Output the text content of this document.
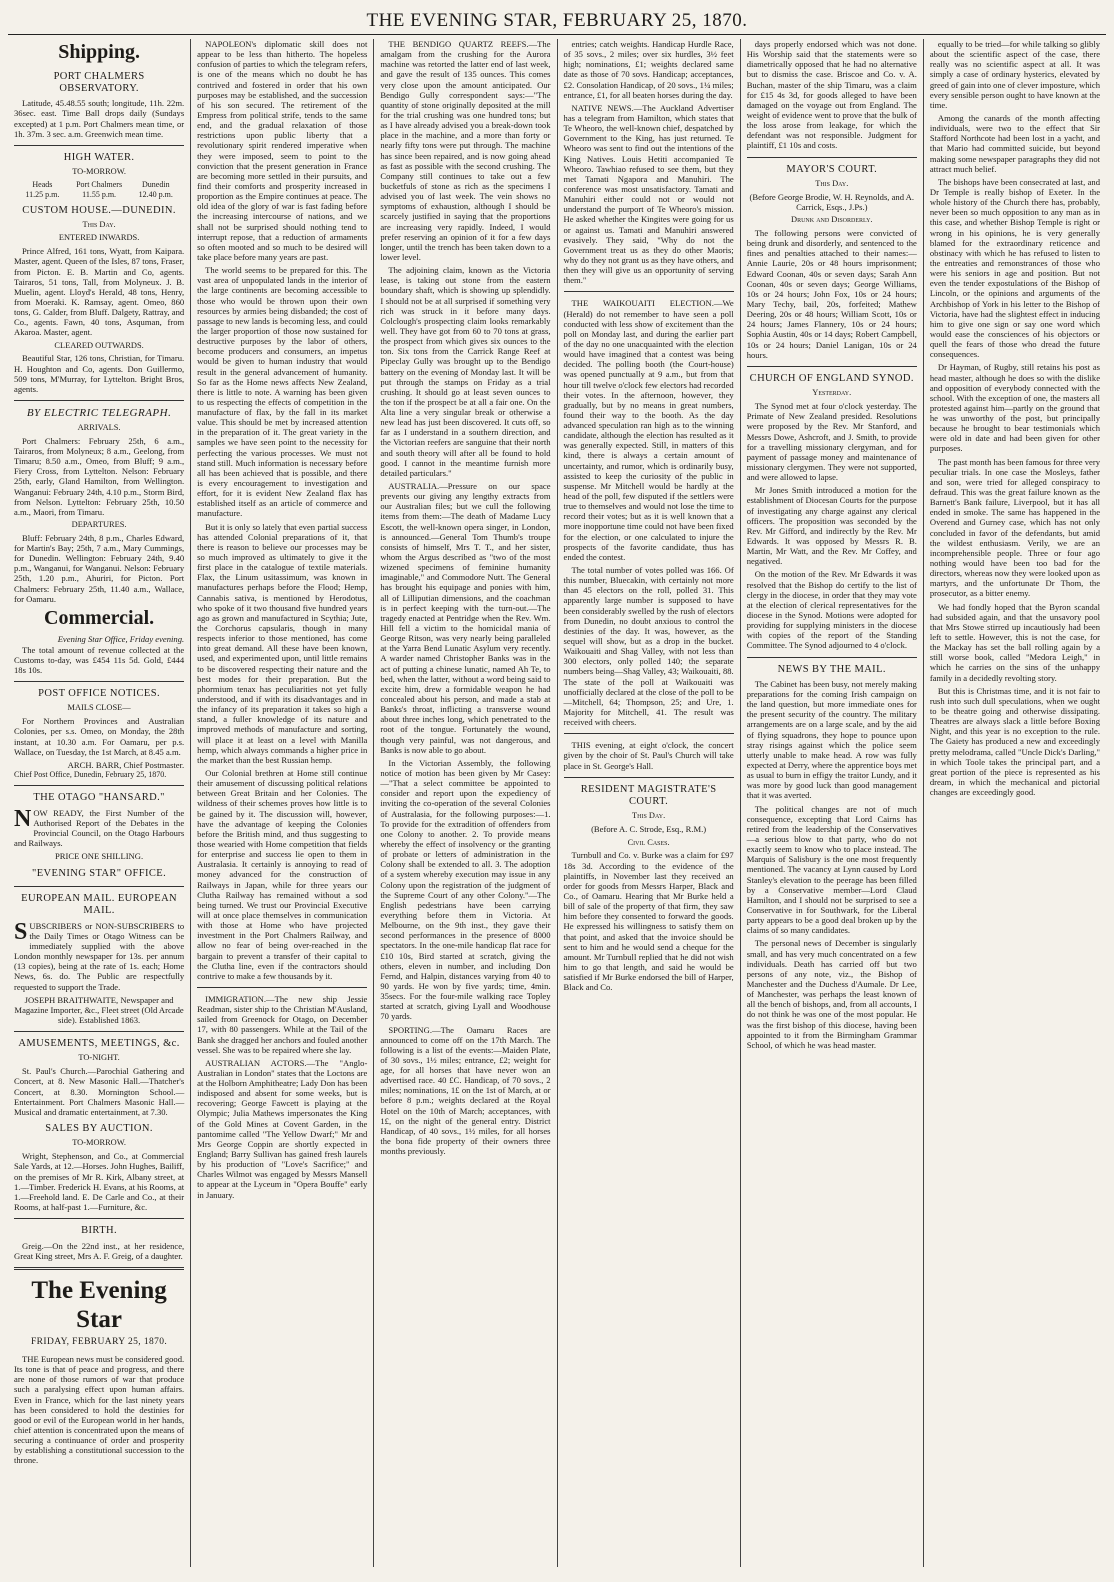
THE EVENING STAR, FEBRUARY 25, 1870.
Shipping.
PORT CHALMERS OBSERVATORY.

Latitude, 45.48.55 south; longitude, 11h. 22m. 36sec. east. Time Ball drops daily (Sundays excepted) at 1 p.m. Port Chalmers mean time, or 1h. 37m. 3 sec. a.m. Greenwich mean time.

HIGH WATER.
TO-MORROW.
Heads
11.25 p.m.
Port Chalmers
11.55 p.m.
Dunedin
12.40 p.m.
CUSTOM HOUSE.—DUNEDIN.
This Day.
ENTERED INWARDS.

Prince Alfred, 161 tons, Wyatt, from Kaipara. Master, agent. Queen of the Isles, 87 tons, Fraser, from Picton. E. B. Martin and Co, agents. Tairaros, 51 tons, Tall, from Molyneux. J. B. Muelin, agent. Lloyd's Herald, 48 tons, Henry, from Moeraki. K. Ramsay, agent. Omeo, 860 tons, G. Calder, from Bluff. Dalgety, Rattray, and Co., agents. Fawn, 40 tons, Asquman, from Akaroa. Master, agent.

CLEARED OUTWARDS.

Beautiful Star, 126 tons, Christian, for Timaru. H. Houghton and Co, agents. Don Guillermo, 509 tons, M'Murray, for Lyttelton. Bright Bros, agents.

BY ELECTRIC TELEGRAPH.
ARRIVALS.

Port Chalmers: February 25th, 6 a.m., Tairaros, from Molyneux; 8 a.m., Geelong, from Timaru; 8.50 a.m., Omeo, from Bluff; 9 a.m., Fiery Cross, from Lyttelton. Nelson: February 25th, early, Gland Hamilton, from Wellington. Wanganui: February 24th, 4.10 p.m., Storm Bird, from Nelson. Lyttelton: February 25th, 10.50 a.m., Maori, from Timaru.

DEPARTURES.

Bluff: February 24th, 8 p.m., Charles Edward, for Martin's Bay; 25th, 7 a.m., Mary Cummings, for Dunedin. Wellington: February 24th, 9.40 p.m., Wanganui, for Wanganui. Nelson: February 25th, 1.20 p.m., Ahuriri, for Picton. Port Chalmers: February 25th, 11.40 a.m., Wallace, for Oamaru.

Commercial.
Evening Star Office, Friday evening.

The total amount of revenue collected at the Customs to-day, was £454 11s 5d. Gold, £444 18s 10s.

POST OFFICE NOTICES.
MAILS CLOSE—

For Northern Provinces and Australian Colonies, per s.s. Omeo, on Monday, the 28th instant, at 10.30 a.m. For Oamaru, per p.s. Wallace, on Tuesday, the 1st March, at 8.45 a.m.

ARCH. BARR, Chief Postmaster.
Chief Post Office, Dunedin, February 25, 1870.
THE OTAGO "HANSARD."

NOW READY, the First Number of the Authorised Report of the Debates in the Provincial Council, on the Otago Harbours and Railways.

PRICE ONE SHILLING.
"EVENING STAR" OFFICE.
EUROPEAN MAIL. EUROPEAN MAIL.

SUBSCRIBERS or NON-SUBSCRIBERS to the Daily Times or Otago Witness can be immediately supplied with the above London monthly newspaper for 13s. per annum (13 copies), being at the rate of 1s. each; Home News, 6s. do. The Public are respectfully requested to support the Trade.

JOSEPH BRAITHWAITE, Newspaper and Magazine Importer, &c., Fleet street (Old Arcade side). Established 1863.
AMUSEMENTS, MEETINGS, &c.
TO-NIGHT.

St. Paul's Church.—Parochial Gathering and Concert, at 8. New Masonic Hall.—Thatcher's Concert, at 8.30. Mornington School.—Entertainment. Port Chalmers Masonic Hall.—Musical and dramatic entertainment, at 7.30.

SALES BY AUCTION.
TO-MORROW.

Wright, Stephenson, and Co., at Commercial Sale Yards, at 12.—Horses. John Hughes, Bailiff, on the premises of Mr R. Kirk, Albany street, at 1.—Timber. Frederick H. Evans, at his Rooms, at 1.—Freehold land. E. De Carle and Co., at their Rooms, at half-past 1.—Furniture, &c.

BIRTH.

Greig.—On the 22nd inst., at her residence, Great King street, Mrs A. F. Greig, of a daughter.

The Evening Star
FRIDAY, FEBRUARY 25, 1870.

THE European news must be considered good. Its tone is that of peace and progress, and there are none of those rumors of war that produce such a paralysing effect upon human affairs. Even in France, which for the last ninety years has been considered to hold the destinies for good or evil of the European world in her hands, chief attention is concentrated upon the means of securing a continuance of order and prosperity by establishing a constitutional succession to the throne.

NAPOLEON's diplomatic skill does not appear to be less than hitherto. The hopeless confusion of parties to which the telegram refers, is one of the means which no doubt he has contrived and fostered in order that his own purposes may be established, and the succession of his son secured. The retirement of the Empress from political strife, tends to the same end, and the gradual relaxation of those restrictions upon public liberty that a revolutionary spirit rendered imperative when they were imposed, seem to point to the conviction that the present generation in France are becoming more settled in their pursuits, and find their comforts and prosperity increased in proportion as the Empire continues at peace. The old idea of the glory of war is fast fading before the increasing intercourse of nations, and we shall not be surprised should nothing tend to interrupt repose, that a reduction of armaments so often mooted and so much to be desired will take place before many years are past.

The world seems to be prepared for this. The vast area of unpopulated lands in the interior of the large continents are becoming accessible to those who would be thrown upon their own resources by armies being disbanded; the cost of passage to new lands is becoming less, and could the larger proportion of those now sustained for destructive purposes by the labor of others, become producers and consumers, an impetus would be given to human industry that would result in the general advancement of humanity. So far as the Home news affects New Zealand, there is little to note. A warning has been given to us respecting the effects of competition in the manufacture of flax, by the fall in its market value. This should be met by increased attention in the preparation of it. The great variety in the samples we have seen point to the necessity for perfecting the various processes. We must not stand still. Much information is necessary before all has been achieved that is possible, and there is every encouragement to investigation and effort, for it is evident New Zealand flax has established itself as an article of commerce and manufacture.

But it is only so lately that even partial success has attended Colonial preparations of it, that there is reason to believe our processes may be so much improved as ultimately to give it the first place in the catalogue of textile materials. Flax, the Linum usitassimum, was known in manufactures perhaps before the Flood; Hemp, Cannabis sativa, is mentioned by Herodotus, who spoke of it two thousand five hundred years ago as grown and manufactured in Scythia; Jute, the Corchorus capsularis, though in many respects inferior to those mentioned, has come into great demand. All these have been known, used, and experimented upon, until little remains to be discovered respecting their nature and the best modes for their preparation. But the phormium tenax has peculiarities not yet fully understood, and if with its disadvantages and in the infancy of its preparation it takes so high a stand, a fuller knowledge of its nature and improved methods of manufacture and sorting, will place it at least on a level with Manilla hemp, which always commands a higher price in the market than the best Russian hemp.

Our Colonial brethren at Home still continue their amusement of discussing political relations between Great Britain and her Colonies. The wildness of their schemes proves how little is to be gained by it. The discussion will, however, have the advantage of keeping the Colonies before the British mind, and thus suggesting to those wearied with Home competition that fields for enterprise and success lie open to them in Australasia. It certainly is annoying to read of money advanced for the construction of Railways in Japan, while for three years our Clutha Railway has remained without a sod being turned. We trust our Provincial Executive will at once place themselves in communication with those at Home who have projected investment in the Port Chalmers Railway, and allow no fear of being over-reached in the bargain to prevent a transfer of their capital to the Clutha line, even if the contractors should contrive to make a few thousands by it.

IMMIGRATION.—The new ship Jessie Readman, sister ship to the Christian M'Ausland, sailed from Greenock for Otago, on December 17, with 80 passengers. While at the Tail of the Bank she dragged her anchors and fouled another vessel. She was to be repaired where she lay.

AUSTRALIAN ACTORS.—The "Anglo-Australian in London" states that the Loctons are at the Holborn Amphitheatre; Lady Don has been indisposed and absent for some weeks, but is recovering; George Fawcett is playing at the Olympic; Julia Mathews impersonates the King of the Gold Mines at Covent Garden, in the pantomime called "The Yellow Dwarf;" Mr and Mrs George Coppin are shortly expected in England; Barry Sullivan has gained fresh laurels by his production of "Love's Sacrifice;" and Charles Wilmot was engaged by Messrs Mansell to appear at the Lyceum in "Opera Bouffe" early in January.

THE BENDIGO QUARTZ REEFS.—The amalgam from the crushing for the Aurora machine was retorted the latter end of last week, and gave the result of 135 ounces. This comes very close upon the amount anticipated. Our Bendigo Gully correspondent says:—"The quantity of stone originally deposited at the mill for the trial crushing was one hundred tons; but as I have already advised you a break-down took place in the machine, and a more than forty or nearly fifty tons were put through. The machine has since been repaired, and is now going ahead as fast as possible with the second crushing. The Company still continues to take out a few bucketfuls of stone as rich as the specimens I advised you of last week. The vein shows no symptoms of exhaustion, although I should be scarcely justified in saying that the proportions are increasing very rapidly. Indeed, I would prefer reserving an opinion of it for a few days longer, until the trench has been taken down to a lower level.

The adjoining claim, known as the Victoria lease, is taking out stone from the eastern boundary shaft, which is showing up splendidly. I should not be at all surprised if something very rich was struck in it before many days. Colclough's prospecting claim looks remarkably well. They have got from 60 to 70 tons at grass, the prospect from which gives six ounces to the ton. Six tons from the Carrick Range Reef at Pipeclay Gully was brought up to the Bendigo battery on the evening of Monday last. It will be put through the stamps on Friday as a trial crushing. It should go at least seven ounces to the ton if the prospect be at all a fair one. On the Alta line a very singular break or otherwise a new lead has just been discovered. It cuts off, so far as I understand in a southern direction, and the Victorian reefers are sanguine that their north and south theory will after all be found to hold good. I cannot in the meantime furnish more detailed particulars."

AUSTRALIA.—Pressure on our space prevents our giving any lengthy extracts from our Australian files; but we cull the following items from them:—The death of Madame Lucy Escott, the well-known opera singer, in London, is announced.—General Tom Thumb's troupe consists of himself, Mrs T. T., and her sister, whom the Argus described as "two of the most wizened specimens of feminine humanity imaginable," and Commodore Nutt. The General has brought his equipage and ponies with him, all of Lilliputian dimensions, and the coachman is in perfect keeping with the turn-out.—The tragedy enacted at Pentridge when the Rev. Wm. Hill fell a victim to the homicidal mania of George Ritson, was very nearly being paralleled at the Yarra Bend Lunatic Asylum very recently. A warder named Christopher Banks was in the act of putting a chinese lunatic, named Ah Te, to bed, when the latter, without a word being said to excite him, drew a formidable weapon he had concealed about his person, and made a stab at Banks's throat, inflicting a transverse wound about three inches long, which penetrated to the root of the tongue. Fortunately the wound, though very painful, was not dangerous, and Banks is now able to go about.

In the Victorian Assembly, the following notice of motion has been given by Mr Casey:—"That a select committee be appointed to consider and report upon the expediency of inviting the co-operation of the several Colonies of Australasia, for the following purposes:—1. To provide for the extradition of offenders from one Colony to another. 2. To provide means whereby the effect of insolvency or the granting of probate or letters of administration in the Colony shall be extended to all. 3. The adoption of a system whereby execution may issue in any Colony upon the registration of the judgment of the Supreme Court of any other Colony."—The English pedestrians have been carrying everything before them in Victoria. At Melbourne, on the 9th inst., they gave their second performances in the presence of 8000 spectators. In the one-mile handicap flat race for £10 10s, Bird started at scratch, giving the others, eleven in number, and including Don Fernd, and Halpin, distances varying from 40 to 90 yards. He won by five yards; time, 4min. 35secs. For the four-mile walking race Topley started at scratch, giving Lyall and Woodhouse 70 yards.

SPORTING.—The Oamaru Races are announced to come off on the 17th March. The following is a list of the events:—Maiden Plate, of 30 sovs., 1½ miles; entrance, £2; weight for age, for all horses that have never won an advertised race. 40 £C. Handicap, of 70 sovs., 2 miles; nominations, 1£ on the 1st of March, at or before 8 p.m.; weights declared at the Royal Hotel on the 10th of March; acceptances, with 1£, on the night of the general entry. District Handicap, of 40 sovs., 1½ miles, for all horses the bona fide property of their owners three months previously.

entries; catch weights. Handicap Hurdle Race, of 35 sovs., 2 miles; over six hurdles, 3½ feet high; nominations, £1; weights declared same date as those of 70 sovs. Handicap; acceptances, £2. Consolation Handicap, of 20 sovs., 1¼ miles; entrance, £1, for all beaten horses during the day.

NATIVE NEWS.—The Auckland Advertiser has a telegram from Hamilton, which states that Te Wheoro, the well-known chief, despatched by Government to the King, has just returned. Te Wheoro was sent to find out the intentions of the King Natives. Louis Hetiti accompanied Te Wheoro. Tawhiao refused to see them, but they met Tamati Ngapora and Manuhiri. The conference was most unsatisfactory. Tamati and Manuhiri either could not or would not understand the purport of Te Wheoro's mission. He asked whether the Kingites were going for us or against us. Tamati and Manuhiri answered evasively. They said, "Why do not the Government treat us as they do other Maoris; why do they not grant us as they have others, and then they will give us an opportunity of serving them."

THE WAIKOUAITI ELECTION.—We (Herald) do not remember to have seen a poll conducted with less show of excitement than the poll on Monday last, and during the earlier part of the day no one unacquainted with the election would have imagined that a contest was being decided. The polling booth (the Court-house) was opened punctually at 9 a.m., but from that hour till twelve o'clock few electors had recorded their votes. In the afternoon, however, they gradually, but by no means in great numbers, found their way to the booth. As the day advanced speculation ran high as to the winning candidate, although the election has resulted as it was generally expected. Still, in matters of this kind, there is always a certain amount of uncertainty, and rumor, which is ordinarily busy, assisted to keep the curiosity of the public in suspense. Mr Mitchell would be hardly at the head of the poll, few disputed if the settlers were true to themselves and would not lose the time to record their votes; but as it is well known that a more inopportune time could not have been fixed for the election, or one calculated to injure the prospects of the favorite candidate, thus has ended the contest.

The total number of votes polled was 166. Of this number, Bluecakin, with certainly not more than 45 electors on the roll, polled 31. This apparently large number is supposed to have been considerably swelled by the rush of electors from Dunedin, no doubt anxious to control the destinies of the day. It was, however, as the sequel will show, but as a drop in the bucket. Waikouaiti and Shag Valley, with not less than 300 electors, only polled 140; the separate numbers being—Shag Valley, 43; Waikouaiti, 88. The state of the poll at Waikouaiti was unofficially declared at the close of the poll to be—Mitchell, 64; Thompson, 25; and Ure, 1. Majority for Mitchell, 41. The result was received with cheers.

THIS evening, at eight o'clock, the concert given by the choir of St. Paul's Church will take place in St. George's Hall.

RESIDENT MAGISTRATE'S COURT.
This Day.
(Before A. C. Strode, Esq., R.M.)
Civil Cases.

Turnbull and Co. v. Burke was a claim for £97 18s 3d. According to the evidence of the plaintiffs, in November last they received an order for goods from Messrs Harper, Black and Co., of Oamaru. Hearing that Mr Burke held a bill of sale of the property of that firm, they saw him before they consented to forward the goods. He expressed his willingness to satisfy them on that point, and asked that the invoice should be sent to him and he would send a cheque for the amount. Mr Turnbull replied that he did not wish him to go that length, and said he would be satisfied if Mr Burke endorsed the bill of Harper, Black and Co.

days properly endorsed which was not done. His Worship said that the statements were so diametrically opposed that he had no alternative but to dismiss the case. Briscoe and Co. v. A. Buchan, master of the ship Timaru, was a claim for £15 4s 3d, for goods alleged to have been damaged on the voyage out from England. The weight of evidence went to prove that the bulk of the loss arose from leakage, for which the defendant was not responsible. Judgment for plaintiff, £1 10s and costs.

MAYOR'S COURT.
This Day.
(Before George Brodie, W. H. Reynolds, and A. Carrick, Esqs., J.Ps.)
Drunk and Disorderly.

The following persons were convicted of being drunk and disorderly, and sentenced to the fines and penalties attached to their names:—Annie Laurie, 20s or 48 hours imprisonment; Edward Coonan, 40s or seven days; Sarah Ann Coonan, 40s or seven days; George Williams, 10s or 24 hours; John Fox, 10s or 24 hours; Mary Techy, bail, 20s, forfeited; Mathew Deering, 20s or 48 hours; William Scott, 10s or 24 hours; James Flannery, 10s or 24 hours; Sophia Austin, 40s or 14 days; Robert Campbell, 10s or 24 hours; Daniel Lanigan, 10s or 24 hours.

CHURCH OF ENGLAND SYNOD.
Yesterday.

The Synod met at four o'clock yesterday. The Primate of New Zealand presided. Resolutions were proposed by the Rev. Mr Stanford, and Messrs Dowe, Ashcroft, and J. Smith, to provide for a travelling missionary clergyman, and for payment of passage money and maintenance of missionary clergymen. They were not supported, and were allowed to lapse.

Mr Jones Smith introduced a motion for the establishment of Diocesan Courts for the purpose of investigating any charge against any clerical officers. The proposition was seconded by the Rev. Mr Gifford, and indirectly by the Rev. Mr Edwards. It was opposed by Messrs R. B. Martin, Mr Watt, and the Rev. Mr Coffey, and negatived.

On the motion of the Rev. Mr Edwards it was resolved that the Bishop do certify to the list of clergy in the diocese, in order that they may vote at the election of clerical representatives for the diocese in the Synod. Motions were adopted for providing for supplying ministers in the diocese with copies of the report of the Standing Committee. The Synod adjourned to 4 o'clock.

NEWS BY THE MAIL.

The Cabinet has been busy, not merely making preparations for the coming Irish campaign on the land question, but more immediate ones for the present security of the country. The military arrangements are on a large scale, and by the aid of flying squadrons, they hope to pounce upon stray risings against which the police seem utterly unable to make head. A row was fully expected at Derry, where the apprentice boys met as usual to burn in effigy the traitor Lundy, and it was more by good luck than good management that it was averted.

The political changes are not of much consequence, excepting that Lord Cairns has retired from the leadership of the Conservatives—a serious blow to that party, who do not exactly seem to know who to place instead. The Marquis of Salisbury is the one most frequently mentioned. The vacancy at Lynn caused by Lord Stanley's elevation to the peerage has been filled by a Conservative member—Lord Claud Hamilton, and I should not be surprised to see a Conservative in for Southwark, for the Liberal party appears to be a good deal broken up by the claims of so many candidates.

The personal news of December is singularly small, and has very much concentrated on a few individuals. Death has carried off but two persons of any note, viz., the Bishop of Manchester and the Duchess d'Aumale. Dr Lee, of Manchester, was perhaps the least known of all the bench of bishops, and, from all accounts, I do not think he was one of the most popular. He was the first bishop of this diocese, having been appointed to it from the Birmingham Grammar School, of which he was head master.

equally to be tried—for while talking so glibly about the scientific aspect of the case, there really was no scientific aspect at all. It was simply a case of ordinary hysterics, elevated by greed of gain into one of clever imposture, which every sensible person ought to have known at the time.

Among the canards of the month affecting individuals, were two to the effect that Sir Stafford Northcote had been lost in a yacht, and that Mario had committed suicide, but beyond making some newspaper paragraphs they did not attract much belief.

The bishops have been consecrated at last, and Dr Temple is really bishop of Exeter. In the whole history of the Church there has, probably, never been so much opposition to any man as in this case, and whether Bishop Temple is right or wrong in his opinions, he is very generally blamed for the extraordinary reticence and obstinacy with which he has refused to listen to the entreaties and remonstrances of those who were his seniors in age and position. But not even the tender expostulations of the Bishop of Lincoln, or the opinions and arguments of the Archbishop of York in his letter to the Bishop of Victoria, have had the slightest effect in inducing him to give one sign or say one word which would ease the consciences of his objectors or quell the fears of those who dread the future consequences.

Dr Hayman, of Rugby, still retains his post as head master, although he does so with the dislike and opposition of everybody connected with the school. With the exception of one, the masters all protested against him—partly on the ground that he was unworthy of the post, but principally because he brought to bear testimonials which were old in date and had been given for other purposes.

The past month has been famous for three very peculiar trials. In one case the Mosleys, father and son, were tried for alleged conspiracy to defraud. This was the great failure known as the Barnett's Bank failure, Liverpool, but it has all ended in smoke. The same has happened in the Overend and Gurney case, which has not only concluded in favor of the defendants, but amid the wildest enthusiasm. Verily, we are an incomprehensible people. Three or four ago nothing would have been too bad for the directors, whereas now they were looked upon as martyrs, and the unfortunate Dr Thom, the prosecutor, as a bitter enemy.

We had fondly hoped that the Byron scandal had subsided again, and that the unsavory pool that Mrs Stowe stirred up incautiously had been left to settle. However, this is not the case, for the Mackay has set the ball rolling again by a still worse book, called "Medora Leigh," in which he carries on the sins of the unhappy family in a decidedly revolting story.

But this is Christmas time, and it is not fair to rush into such dull speculations, when we ought to be theatre going and otherwise dissipating. Theatres are always slack a little before Boxing Night, and this year is no exception to the rule. The Gaiety has produced a new and exceedingly pretty melodrama, called "Uncle Dick's Darling," in which Toole takes the principal part, and a great portion of the piece is represented as his dream, in which the mechanical and pictorial changes are exceedingly good.
